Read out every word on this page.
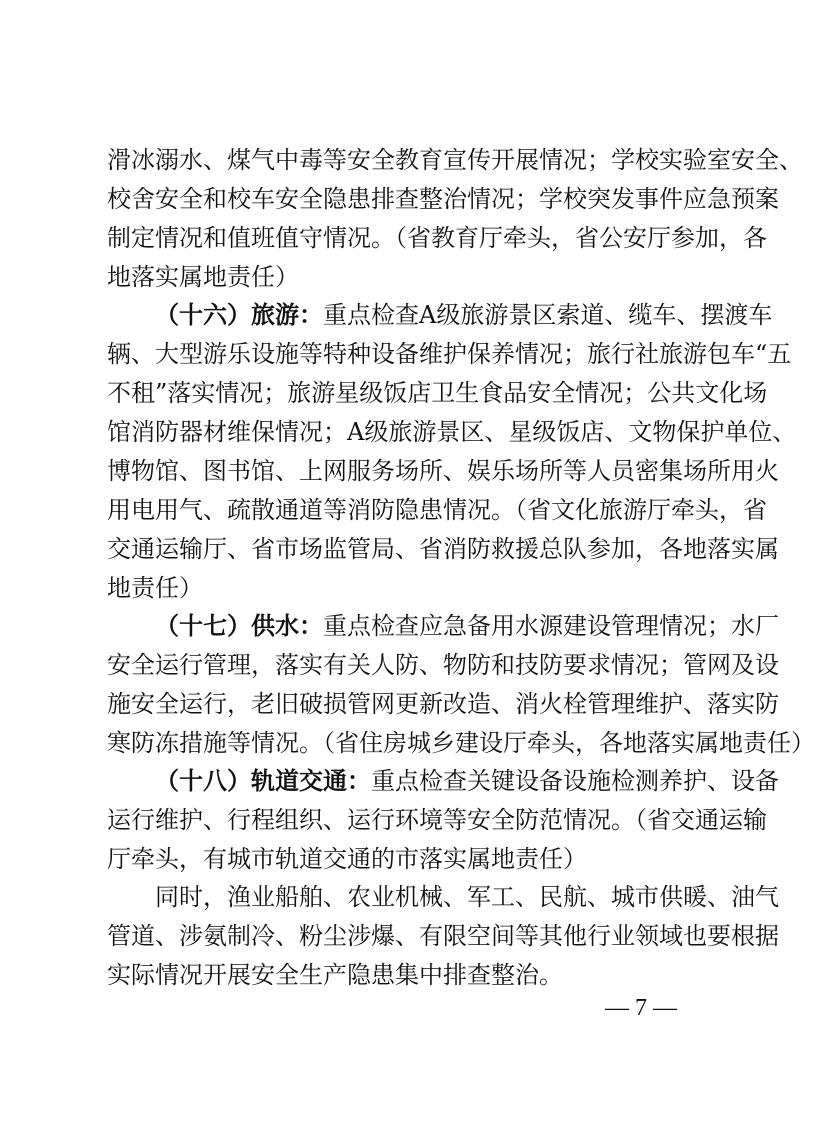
滑冰溺水、煤气中毒等安全教育宣传开展情况；学校实验室安全、
校舍安全和校车安全隐患排查整治情况；学校突发事件应急预案
制定情况和值班值守情况。（省教育厅牵头，省公安厅参加，各
地落实属地责任）
（十六）旅游：重点检查A级旅游景区索道、缆车、摆渡车
辆、大型游乐设施等特种设备维护保养情况；旅行社旅游包车“五
不租”落实情况；旅游星级饭店卫生食品安全情况；公共文化场
馆消防器材维保情况；A级旅游景区、星级饭店、文物保护单位、
博物馆、图书馆、上网服务场所、娱乐场所等人员密集场所用火
用电用气、疏散通道等消防隐患情况。（省文化旅游厅牵头，省
交通运输厅、省市场监管局、省消防救援总队参加，各地落实属
地责任）
（十七）供水：重点检查应急备用水源建设管理情况；水厂
安全运行管理，落实有关人防、物防和技防要求情况；管网及设
施安全运行，老旧破损管网更新改造、消火栓管理维护、落实防
寒防冻措施等情况。（省住房城乡建设厅牵头，各地落实属地责任）
（十八）轨道交通：重点检查关键设备设施检测养护、设备
运行维护、行程组织、运行环境等安全防范情况。（省交通运输
厅牵头，有城市轨道交通的市落实属地责任）
同时，渔业船舶、农业机械、军工、民航、城市供暖、油气
管道、涉氨制冷、粉尘涉爆、有限空间等其他行业领域也要根据
实际情况开展安全生产隐患集中排查整治。
— 7 —
